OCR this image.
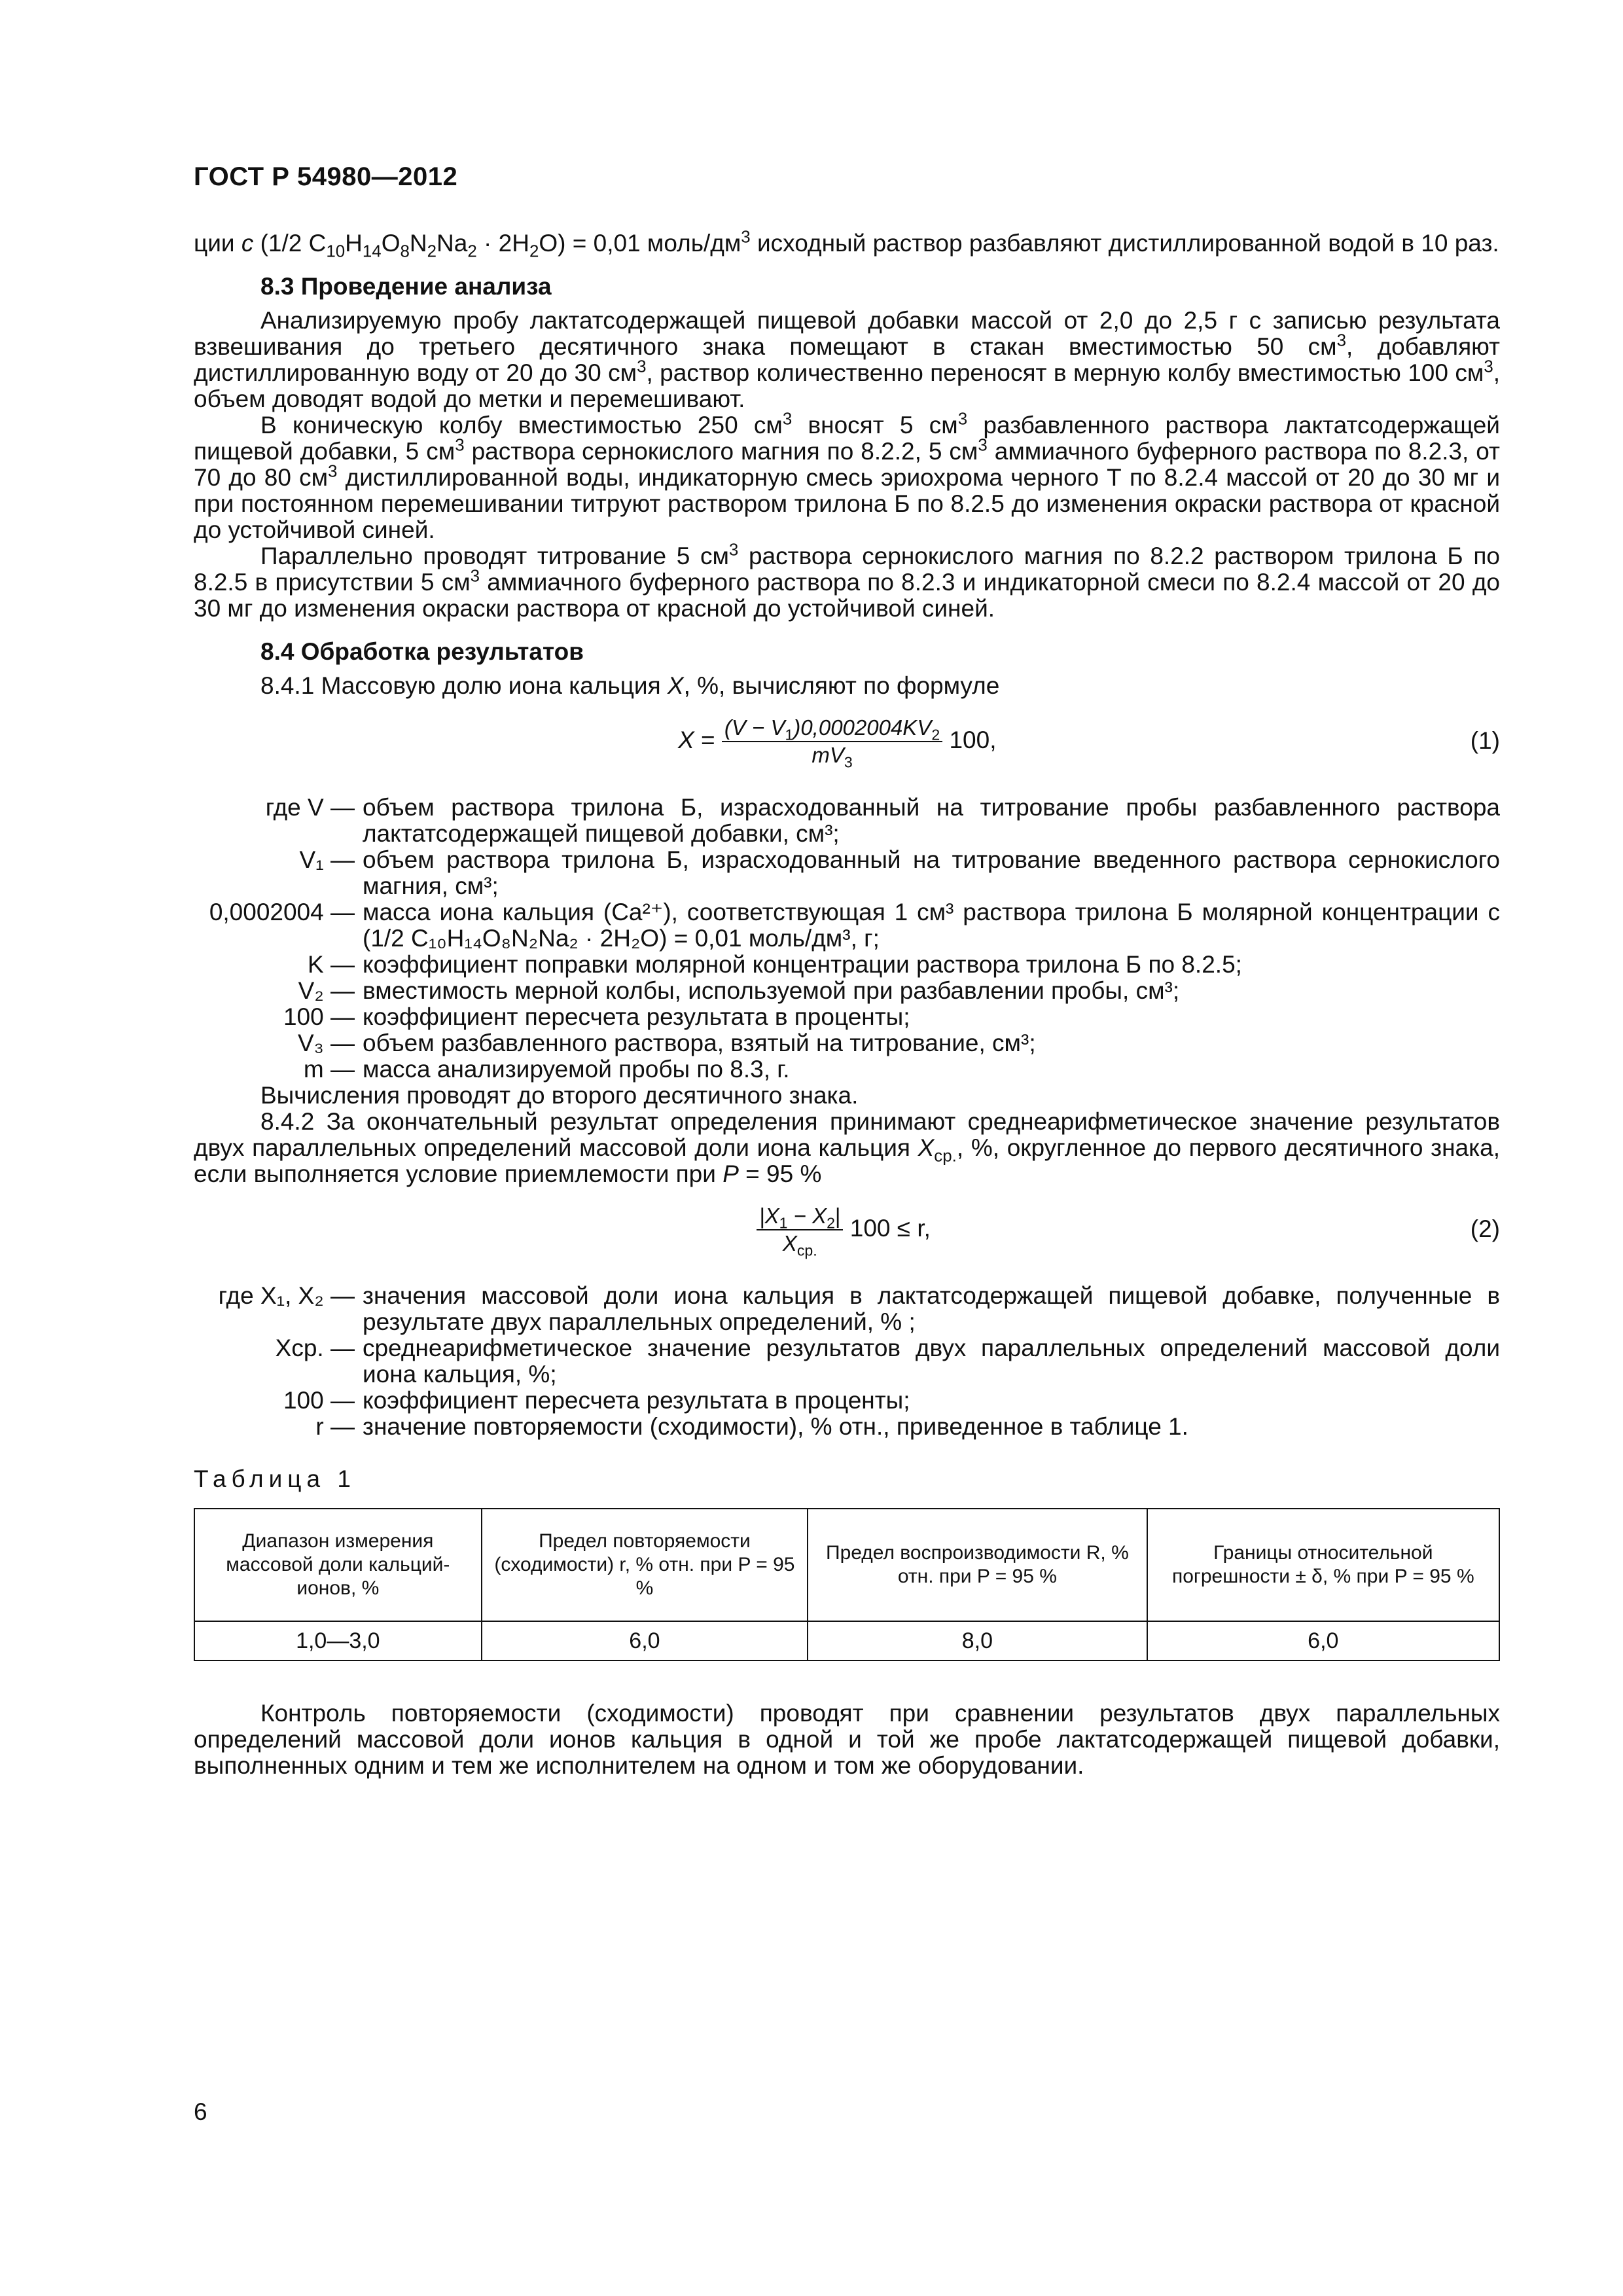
ГОСТ Р 54980—2012

ции с (1/2 $C_{10}H_{14}O_8N_2Na_2 \cdot 2H_2O) = 0,01$ моль/$дм^3$ исходный раствор разбавляют дистиллированной водой в 10 раз.

8.3 Проведение анализа

Анализируемую пробу лактатсодержащей пищевой добавки массой от 2,0 до 2,5 г с записью результата взвешивания до третьего десятичного знака помещают в стакан вместимостью 50 $см^3$, добавляют дистиллированную воду от 20 до 30 $см^3$, раствор количественно переносят в мерную колбу вместимостью 100 $см^3$, объем доводят водой до метки и перемешивают.

В коническую колбу вместимостью 250 $см^3$ вносят 5 $см^3$ разбавленного раствора лактатсодержащей пищевой добавки, 5 $см^3$ раствора сернокислого магния по 8.2.2, 5 $см^3$ аммиачного буферного раствора по 8.2.3, от 70 до 80 $см^3$ дистиллированной воды, индикаторную смесь эриохрома черного Т по 8.2.4 массой от 20 до 30 мг и при постоянном перемешивании титруют раствором трилона Б по 8.2.5 до изменения окраски раствора от красной до устойчивой синей.

Параллельно проводят титрование 5 $см^3$ раствора сернокислого магния по 8.2.2 раствором трилона Б по 8.2.5 в присутствии 5 $см^3$ аммиачного буферного раствора по 8.2.3 и индикаторной смеси по 8.2.4 массой от 20 до 30 мг до изменения окраски раствора от красной до устойчивой синей.

8.4 Обработка результатов

8.4.1 Массовую долю иона кальция X, %, вычисляют по формуле

$X = \frac{(V - V_1)0,0002004KV_2}{mV_3} 100$,	(1)
где V — объем раствора трилона Б, израсходованный на титрование пробы разбавленного раствора лактатсодержащей пищевой добавки, см³;
V₁ — объем раствора трилона Б, израсходованный на титрование введенного раствора сернокислого магния, см³;
0,0002004 — масса иона кальция (Ca²⁺), соответствующая 1 см³ раствора трилона Б молярной концентрации с (1/2 C₁₀H₁₄O₈N₂Na₂ · 2H₂O) = 0,01 моль/дм³, г;
K — коэффициент поправки молярной концентрации раствора трилона Б по 8.2.5;
V₂ — вместимость мерной колбы, используемой при разбавлении пробы, см³;
100 — коэффициент пересчета результата в проценты;
V₃ — объем разбавленного раствора, взятый на титрование, см³;
m — масса анализируемой пробы по 8.3, г.

Вычисления проводят до второго десятичного знака.

8.4.2 За окончательный результат определения принимают среднеарифметическое значение результатов двух параллельных определений массовой доли иона кальция $X_{ср.}$, %, округленное до первого десятичного знака, если выполняется условие приемлемости при P = 95 %

$\frac{|X_1 - X_2|}{X_{ср.}} 100 \le r$,	(2)
где X₁, X₂ — значения массовой доли иона кальция в лактатсодержащей пищевой добавке, полученные в результате двух параллельных определений, % ;
Xср. — среднеарифметическое значение результатов двух параллельных определений массовой доли иона кальция, %;
100 — коэффициент пересчета результата в проценты;
r — значение повторяемости (сходимости), % отн., приведенное в таблице 1.

Таблица 1

Диапазон измерения массовой доли кальций-ионов, %	Предел повторяемости (сходимости) r, % отн. при P = 95 %	Предел воспроизводимости R, % отн. при P = 95 %	Границы относительной погрешности ± δ, % при P = 95 %
1,0—3,0	6,0	8,0	6,0

Контроль повторяемости (сходимости) проводят при сравнении результатов двух параллельных определений массовой доли ионов кальция в одной и той же пробе лактатсодержащей пищевой добавки, выполненных одним и тем же исполнителем на одном и том же оборудовании.

6
